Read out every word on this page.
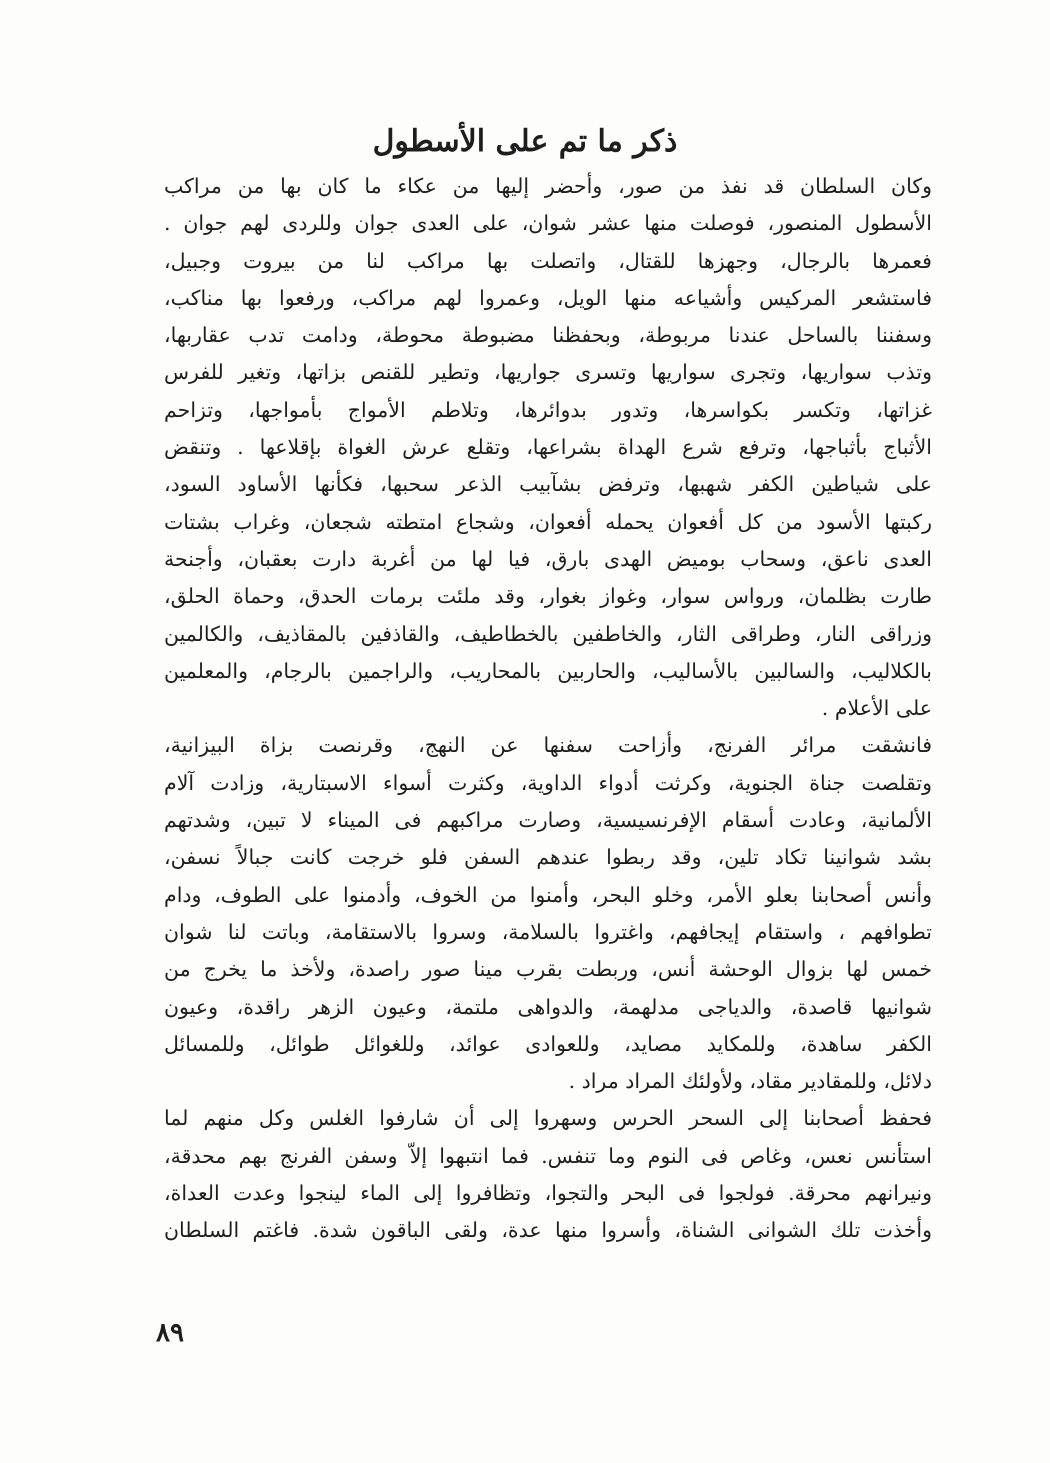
ذكر ما تم على الأسطول
وكان السلطان قد نفذ من صور، وأحضر إليها من عكاء ما كان بها من مراكب
الأسطول المنصور، فوصلت منها عشر شوان، على العدى جوان وللردى لهم جوان .
فعمرها بالرجال، وجهزها للقتال، واتصلت بها مراكب لنا من بيروت وجبيل،
فاستشعر المركيس وأشياعه منها الويل، وعمروا لهم مراكب، ورفعوا بها مناكب،
وسفننا بالساحل عندنا مربوطة، وبحفظنا مضبوطة محوطة، ودامت تدب عقاربها،
وتذب سواريها، وتجرى سواريها وتسرى جواريها، وتطير للقنص بزاتها، وتغير للفرس
غزاتها، وتكسر بكواسرها، وتدور بدوائرها، وتلاطم الأمواج بأمواجها، وتزاحم
الأثباج بأثباجها، وترفع شرع الهداة بشراعها، وتقلع عرش الغواة بإقلاعها . وتنقض
على شياطين الكفر شهبها، وترفض بشآبيب الذعر سحبها، فكأنها الأساود السود،
ركبتها الأسود من كل أفعوان يحمله أفعوان، وشجاع امتطته شجعان، وغراب بشتات
العدى ناعق، وسحاب بوميض الهدى بارق، فيا لها من أغربة دارت بعقبان، وأجنحة
طارت بظلمان، ورواس سوار، وغواز بغوار، وقد ملئت برمات الحدق، وحماة الحلق،
وزراقى النار، وطراقى الثار، والخاطفين بالخطاطيف، والقاذفين بالمقاذيف، والكالمين
بالكلاليب، والسالبين بالأساليب، والحاربين بالمحاريب، والراجمين بالرجام، والمعلمين
على الأعلام .
فانشقت مرائر الفرنج، وأزاحت سفنها عن النهج، وقرنصت بزاة البيزانية،
وتقلصت جناة الجنوية، وكرثت أدواء الداوية، وكثرت أسواء الاسبتارية، وزادت آلام
الألمانية، وعادت أسقام الإفرنسيسية، وصارت مراكبهم فى الميناء لا تبين، وشدتهم
بشد شوانينا تكاد تلين، وقد ربطوا عندهم السفن فلو خرجت كانت جبالاً نسفن،
وأنس أصحابنا بعلو الأمر، وخلو البحر، وأمنوا من الخوف، وأدمنوا على الطوف، ودام
تطوافهم ، واستقام إيجافهم، واغتروا بالسلامة، وسروا بالاستقامة، وباتت لنا شوان
خمس لها بزوال الوحشة أنس، وربطت بقرب مينا صور راصدة، ولأخذ ما يخرج من
شوانيها قاصدة، والدياجى مدلهمة، والدواهى ملتمة، وعيون الزهر راقدة، وعيون
الكفر ساهدة، وللمكايد مصايد، وللعوادى عوائد، وللغوائل طوائل، وللمسائل
دلائل، وللمقادير مقاد، ولأولئك المراد مراد .
فحفظ أصحابنا إلى السحر الحرس وسهروا إلى أن شارفوا الغلس وكل منهم لما
استأنس نعس، وغاص فى النوم وما تنفس. فما انتبهوا إلاّ وسفن الفرنج بهم محدقة،
ونيرانهم محرقة. فولجوا فى البحر والتجوا، وتظافروا إلى الماء لينجوا وعدت العداة،
وأخذت تلك الشوانى الشناة، وأسروا منها عدة، ولقى الباقون شدة. فاغتم السلطان
٨٩
